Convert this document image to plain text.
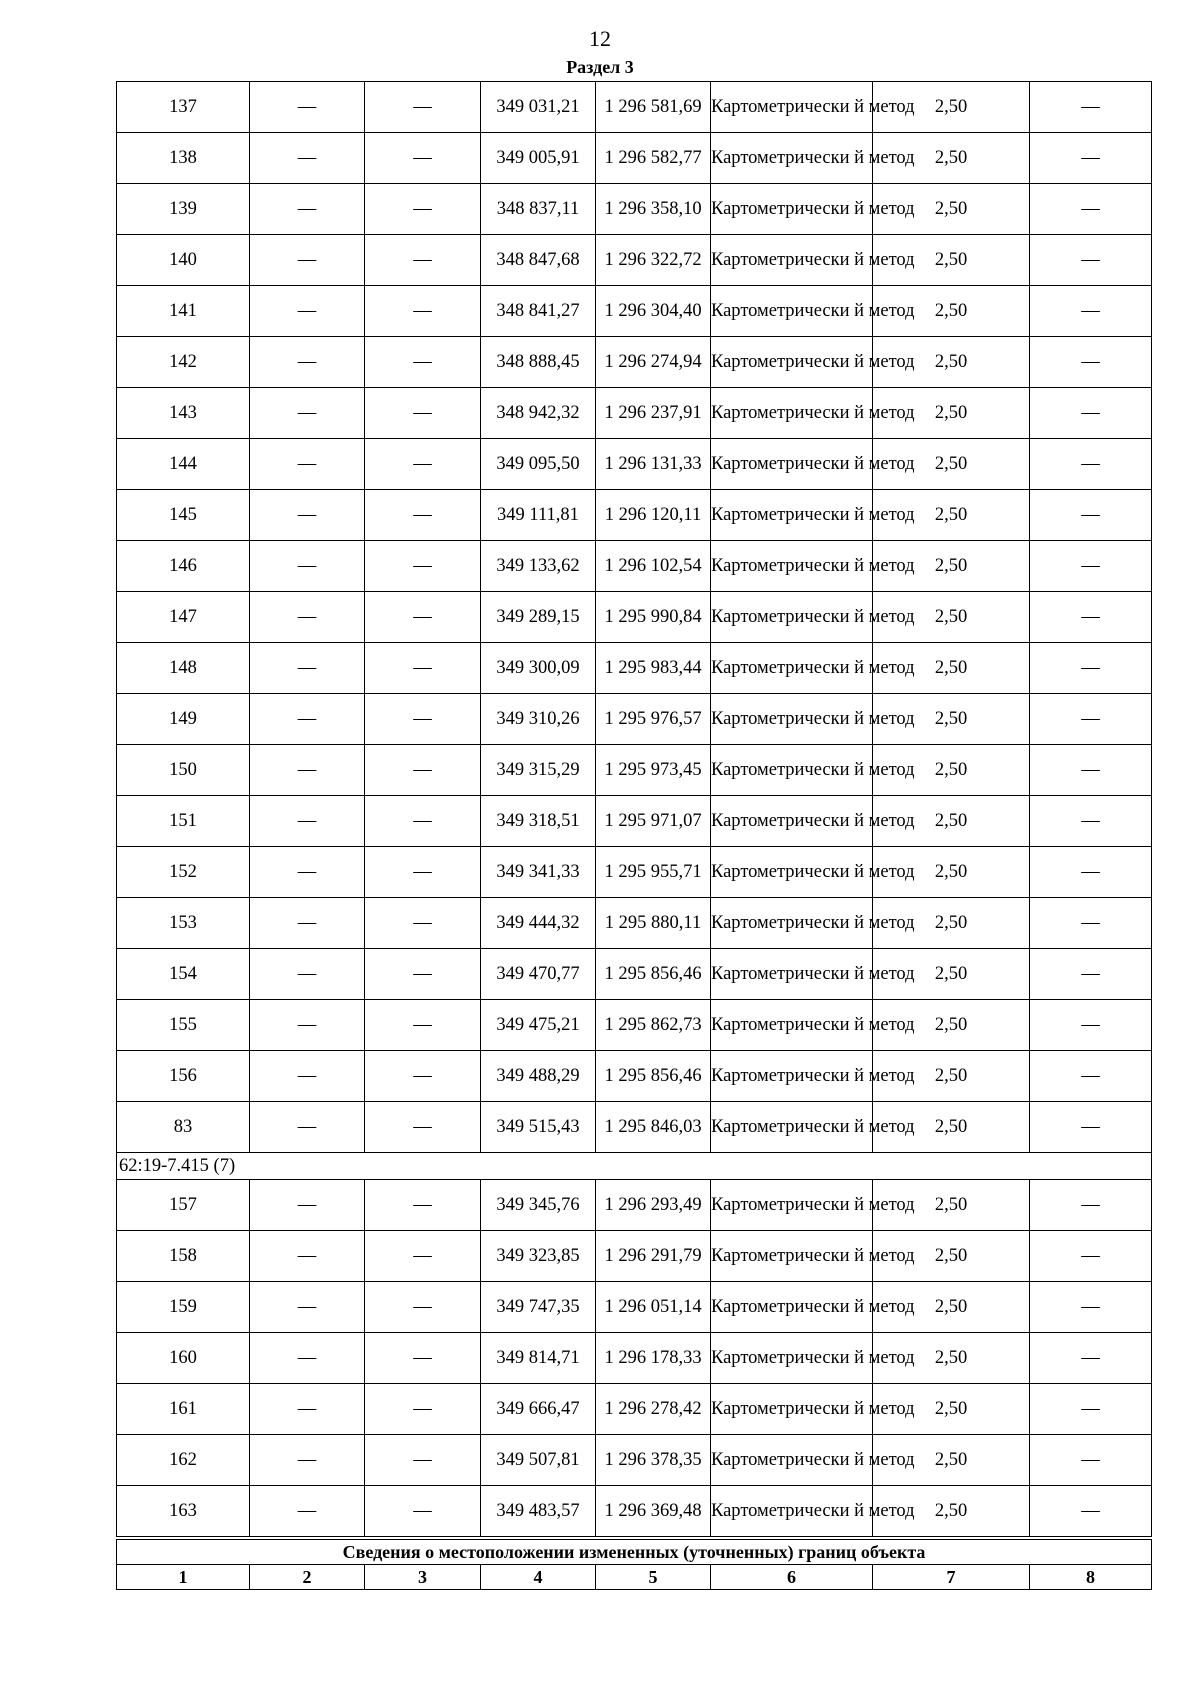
12
Раздел 3
137	—	—	349 031,21	1 296 581,69	Картометрически й метод	2,50	—
138	—	—	349 005,91	1 296 582,77	Картометрически й метод	2,50	—
139	—	—	348 837,11	1 296 358,10	Картометрически й метод	2,50	—
140	—	—	348 847,68	1 296 322,72	Картометрически й метод	2,50	—
141	—	—	348 841,27	1 296 304,40	Картометрически й метод	2,50	—
142	—	—	348 888,45	1 296 274,94	Картометрически й метод	2,50	—
143	—	—	348 942,32	1 296 237,91	Картометрически й метод	2,50	—
144	—	—	349 095,50	1 296 131,33	Картометрически й метод	2,50	—
145	—	—	349 111,81	1 296 120,11	Картометрически й метод	2,50	—
146	—	—	349 133,62	1 296 102,54	Картометрически й метод	2,50	—
147	—	—	349 289,15	1 295 990,84	Картометрически й метод	2,50	—
148	—	—	349 300,09	1 295 983,44	Картометрически й метод	2,50	—
149	—	—	349 310,26	1 295 976,57	Картометрически й метод	2,50	—
150	—	—	349 315,29	1 295 973,45	Картометрически й метод	2,50	—
151	—	—	349 318,51	1 295 971,07	Картометрически й метод	2,50	—
152	—	—	349 341,33	1 295 955,71	Картометрически й метод	2,50	—
153	—	—	349 444,32	1 295 880,11	Картометрически й метод	2,50	—
154	—	—	349 470,77	1 295 856,46	Картометрически й метод	2,50	—
155	—	—	349 475,21	1 295 862,73	Картометрически й метод	2,50	—
156	—	—	349 488,29	1 295 856,46	Картометрически й метод	2,50	—
83	—	—	349 515,43	1 295 846,03	Картометрически й метод	2,50	—
62:19-7.415 (7)							
157	—	—	349 345,76	1 296 293,49	Картометрически й метод	2,50	—
158	—	—	349 323,85	1 296 291,79	Картометрически й метод	2,50	—
159	—	—	349 747,35	1 296 051,14	Картометрически й метод	2,50	—
160	—	—	349 814,71	1 296 178,33	Картометрически й метод	2,50	—
161	—	—	349 666,47	1 296 278,42	Картометрически й метод	2,50	—
162	—	—	349 507,81	1 296 378,35	Картометрически й метод	2,50	—
163	—	—	349 483,57	1 296 369,48	Картометрически й метод	2,50	—
Сведения о местоположении измененных (уточненных) границ объекта							
1	2	3	4	5	6	7	8
